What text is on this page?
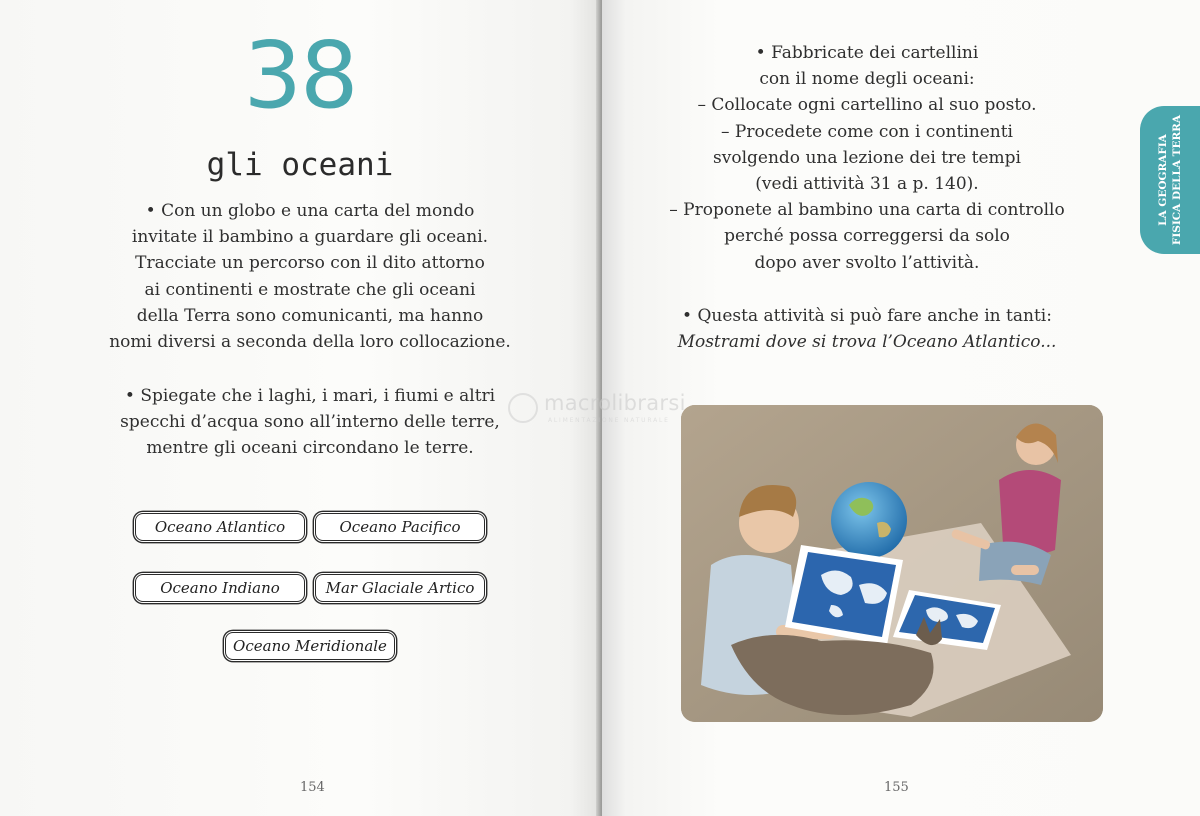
38
gli oceani
• Con un globo e una carta del mondo
invitate il bambino a guardare gli oceani.
Tracciate un percorso con il dito attorno
ai continenti e mostrate che gli oceani
della Terra sono comunicanti, ma hanno
nomi diversi a seconda della loro collocazione.
• Spiegate che i laghi, i mari, i fiumi e altri
specchi d’acqua sono all’interno delle terre,
mentre gli oceani circondano le terre.
Oceano Atlantico	Oceano Pacifico
Oceano Indiano	Mar Glaciale Artico
Oceano Meridionale
154
• Fabbricate dei cartellini
con il nome degli oceani:
– Collocate ogni cartellino al suo posto.
– Procedete come con i continenti
svolgendo una lezione dei tre tempi
(vedi attività 31 a p. 140).
– Proponete al bambino una carta di controllo
perché possa correggersi da solo
dopo aver svolto l’attività.
• Questa attività si può fare anche in tanti:
Mostrami dove si trova l’Oceano Atlantico...
LA GEOGRAFIA FISICA DELLA TERRA
155
macrolibrarsi
ALIMENTAZIONE NATURALE
